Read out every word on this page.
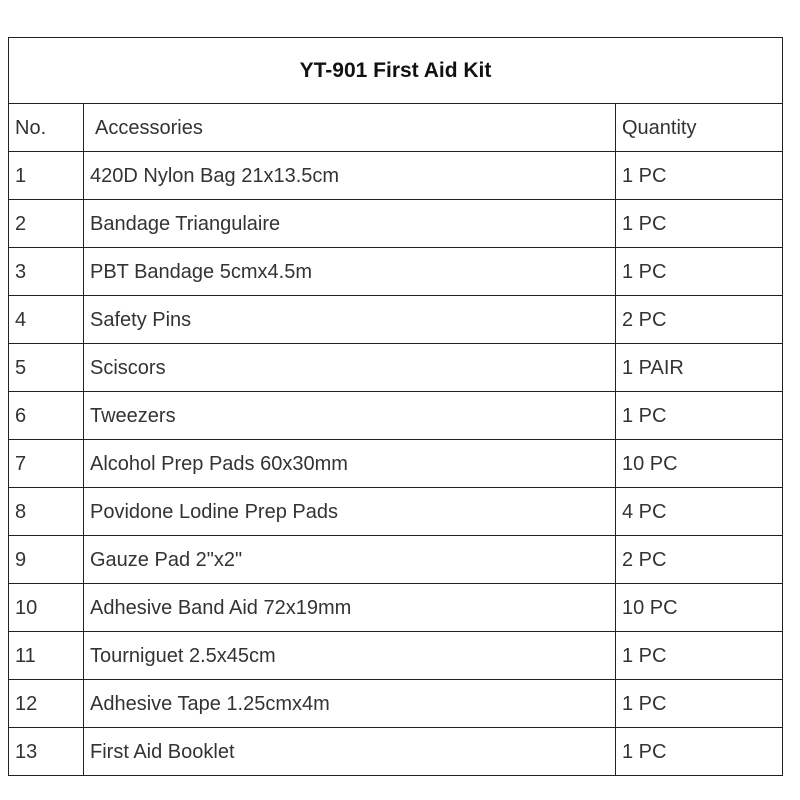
YT-901 First Aid Kit		
No.	Accessories	Quantity
1	420D Nylon Bag 21x13.5cm	1 PC
2	Bandage Triangulaire	1 PC
3	PBT Bandage 5cmx4.5m	1 PC
4	Safety Pins	2 PC
5	Sciscors	1 PAIR
6	Tweezers	1 PC
7	Alcohol Prep Pads 60x30mm	10 PC
8	Povidone Lodine Prep Pads	4 PC
9	Gauze Pad 2"x2"	2 PC
10	Adhesive Band Aid 72x19mm	10 PC
11	Tourniguet 2.5x45cm	1 PC
12	Adhesive Tape 1.25cmx4m	1 PC
13	First Aid Booklet	1 PC
